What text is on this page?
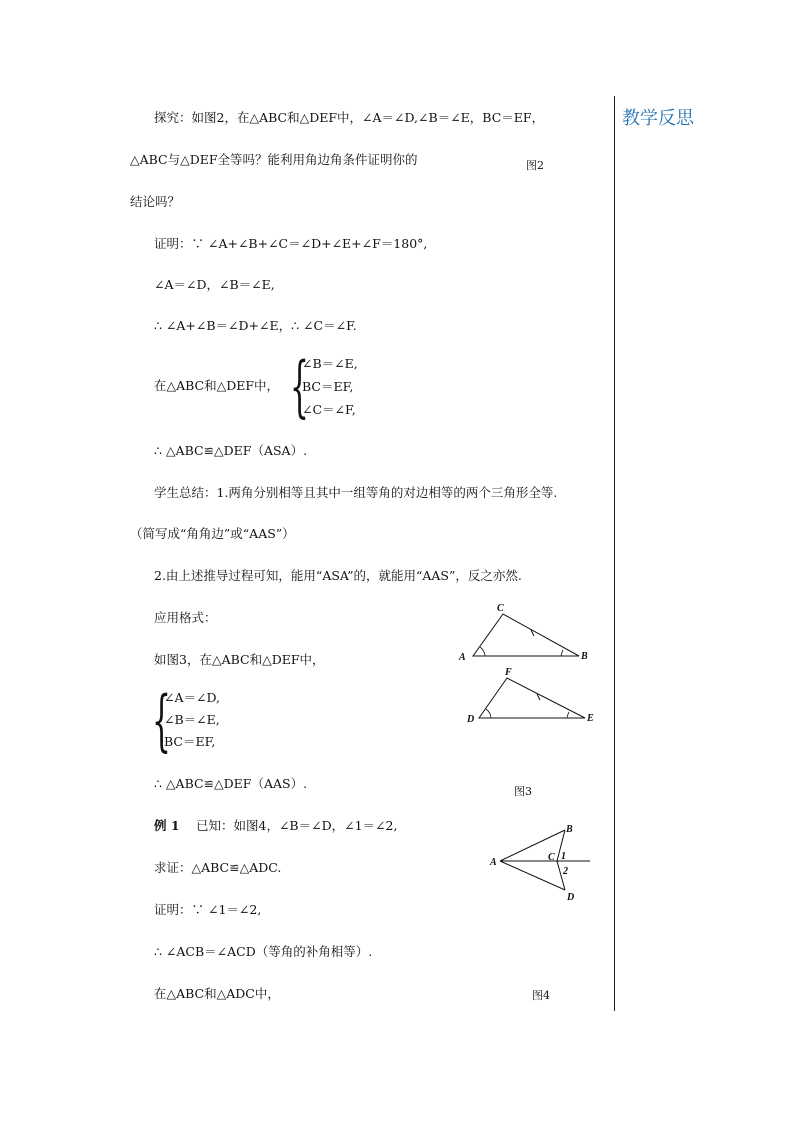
教学反思
探究：如图2，在△ABC和△DEF中，∠A＝∠D,∠B＝∠E，BC＝EF，
△ABC与△DEF全等吗？能利用角边角条件证明你的	图2
结论吗？
证明：∵ ∠A+∠B+∠C＝∠D+∠E+∠F＝180°,
∠A＝∠D，∠B＝∠E,
∴ ∠A+∠B＝∠D+∠E，∴ ∠C＝∠F.
在△ABC和△DEF中， {
∠B＝∠E,
BC＝EF,
∠C＝∠F,
∴ △ABC≌△DEF（ASA）.
学生总结：1.两角分别相等且其中一组等角的对边相等的两个三角形全等.
（简写成“角角边”或“AAS”）
2.由上述推导过程可知，能用“ASA”的，就能用“AAS”，反之亦然.
应用格式：
如图3，在△ABC和△DEF中，
{
∠A＝∠D,
∠B＝∠E,
BC＝EF,
∴ △ABC≌△DEF（AAS）.
图3
A
C
B
D
F
E
例 1 已知：如图4，∠B＝∠D，∠1＝∠2,
求证：△ABC≌△ADC.
证明：∵ ∠1＝∠2,
∴ ∠ACB＝∠ACD（等角的补角相等）.
在△ABC和△ADC中，	图4
A
B
C
D
1
2
